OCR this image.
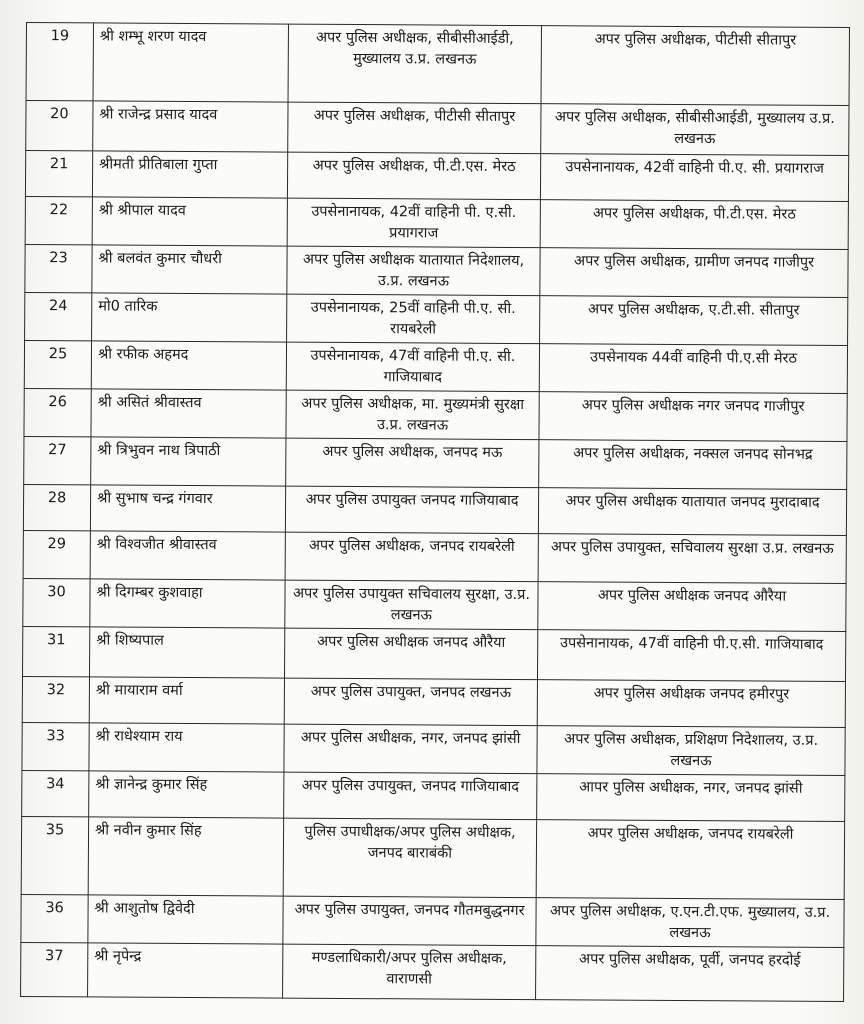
19	श्री शम्भू शरण यादव	अपर पुलिस अधीक्षक, सीबीसीआईडी, मुख्यालय उ.प्र. लखनऊ	अपर पुलिस अधीक्षक, पीटीसी सीतापुर
20	श्री राजेन्द्र प्रसाद यादव	अपर पुलिस अधीक्षक, पीटीसी सीतापुर	अपर पुलिस अधीक्षक, सीबीसीआईडी, मुख्यालय उ.प्र. लखनऊ
21	श्रीमती प्रीतिबाला गुप्ता	अपर पुलिस अधीक्षक, पी.टी.एस. मेरठ	उपसेनानायक, 42वीं वाहिनी पी.ए. सी. प्रयागराज
22	श्री श्रीपाल यादव	उपसेनानायक, 42वीं वाहिनी पी. ए.सी. प्रयागराज	अपर पुलिस अधीक्षक, पी.टी.एस. मेरठ
23	श्री बलवंत कुमार चौधरी	अपर पुलिस अधीक्षक यातायात निदेशालय, उ.प्र. लखनऊ	अपर पुलिस अधीक्षक, ग्रामीण जनपद गाजीपुर
24	मो0 तारिक	उपसेनानायक, 25वीं वाहिनी पी.ए. सी. रायबरेली	अपर पुलिस अधीक्षक, ए.टी.सी. सीतापुर
25	श्री रफीक अहमद	उपसेनानायक, 47वीं वाहिनी पी.ए. सी. गाजियाबाद	उपसेनायक 44वीं वाहिनी पी.ए.सी मेरठ
26	श्री असितं श्रीवास्तव	अपर पुलिस अधीक्षक, मा. मुख्यमंत्री सुरक्षा उ.प्र. लखनऊ	अपर पुलिस अधीक्षक नगर जनपद गाजीपुर
27	श्री त्रिभुवन नाथ त्रिपाठी	अपर पुलिस अधीक्षक, जनपद मऊ	अपर पुलिस अधीक्षक, नक्सल जनपद सोनभद्र
28	श्री सुभाष चन्द्र गंगवार	अपर पुलिस उपायुक्त जनपद गाजियाबाद	अपर पुलिस अधीक्षक यातायात जनपद मुरादाबाद
29	श्री विश्वजीत श्रीवास्तव	अपर पुलिस अधीक्षक, जनपद रायबरेली	अपर पुलिस उपायुक्त, सचिवालय सुरक्षा उ.प्र. लखनऊ
30	श्री दिगम्बर कुशवाहा	अपर पुलिस उपायुक्त सचिवालय सुरक्षा, उ.प्र. लखनऊ	अपर पुलिस अधीक्षक जनपद औरैया
31	श्री शिष्यपाल	अपर पुलिस अधीक्षक जनपद औरैया	उपसेनानायक, 47वीं वाहिनी पी.ए.सी. गाजियाबाद
32	श्री मायाराम वर्मा	अपर पुलिस उपायुक्त, जनपद लखनऊ	अपर पुलिस अधीक्षक जनपद हमीरपुर
33	श्री राधेश्याम राय	अपर पुलिस अधीक्षक, नगर, जनपद झांसी	अपर पुलिस अधीक्षक, प्रशिक्षण निदेशालय, उ.प्र. लखनऊ
34	श्री ज्ञानेन्द्र कुमार सिंह	अपर पुलिस उपायुक्त, जनपद गाजियाबाद	आपर पुलिस अधीक्षक, नगर, जनपद झांसी
35	श्री नवीन कुमार सिंह	पुलिस उपाधीक्षक/अपर पुलिस अधीक्षक, जनपद बाराबंकी	अपर पुलिस अधीक्षक, जनपद रायबरेली
36	श्री आशुतोष द्विवेदी	अपर पुलिस उपायुक्त, जनपद गौतमबुद्धनगर	अपर पुलिस अधीक्षक, ए.एन.टी.एफ. मुख्यालय, उ.प्र. लखनऊ
37	श्री नृपेन्द्र	मण्डलाधिकारी/अपर पुलिस अधीक्षक, वाराणसी	अपर पुलिस अधीक्षक, पूर्वी, जनपद हरदोई
